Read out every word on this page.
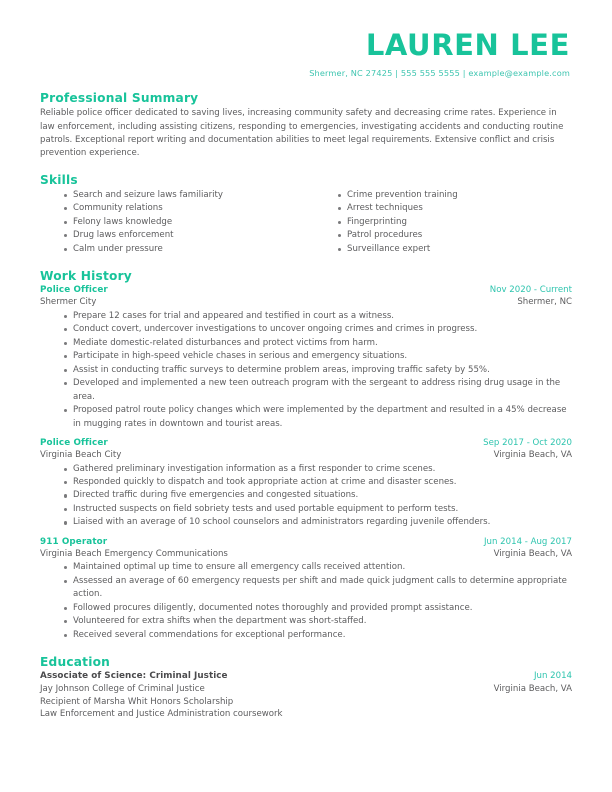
LAUREN LEE
Shermer, NC 27425 | 555 555 5555 | example@example.com
Professional Summary

Reliable police officer dedicated to saving lives, increasing community safety and decreasing crime rates. Experience in law enforcement, including assisting citizens, responding to emergencies, investigating accidents and conducting routine patrols. Exceptional report writing and documentation abilities to meet legal requirements. Extensive conflict and crisis prevention experience.

Skills
Search and seizure laws familiarity
Community relations
Felony laws knowledge
Drug laws enforcement
Calm under pressure
Crime prevention training
Arrest techniques
Fingerprinting
Patrol procedures
Surveillance expert
Work History
Police Officer	Nov 2020 - Current
Shermer City	Shermer, NC
Prepare 12 cases for trial and appeared and testified in court as a witness.
Conduct covert, undercover investigations to uncover ongoing crimes and crimes in progress.
Mediate domestic-related disturbances and protect victims from harm.
Participate in high-speed vehicle chases in serious and emergency situations.
Assist in conducting traffic surveys to determine problem areas, improving traffic safety by 55%.
Developed and implemented a new teen outreach program with the sergeant to address rising drug usage in the area.
Proposed patrol route policy changes which were implemented by the department and resulted in a 45% decrease in mugging rates in downtown and tourist areas.
Police Officer	Sep 2017 - Oct 2020
Virginia Beach City	Virginia Beach, VA
Gathered preliminary investigation information as a first responder to crime scenes.
Responded quickly to dispatch and took appropriate action at crime and disaster scenes.
Directed traffic during five emergencies and congested situations.
Instructed suspects on field sobriety tests and used portable equipment to perform tests.
Liaised with an average of 10 school counselors and administrators regarding juvenile offenders.
911 Operator	Jun 2014 - Aug 2017
Virginia Beach Emergency Communications	Virginia Beach, VA
Maintained optimal up time to ensure all emergency calls received attention.
Assessed an average of 60 emergency requests per shift and made quick judgment calls to determine appropriate action.
Followed procures diligently, documented notes thoroughly and provided prompt assistance.
Volunteered for extra shifts when the department was short-staffed.
Received several commendations for exceptional performance.
Education
Associate of Science: Criminal Justice	Jun 2014
Jay Johnson College of Criminal Justice	Virginia Beach, VA
Recipient of Marsha Whit Honors Scholarship
Law Enforcement and Justice Administration coursework
